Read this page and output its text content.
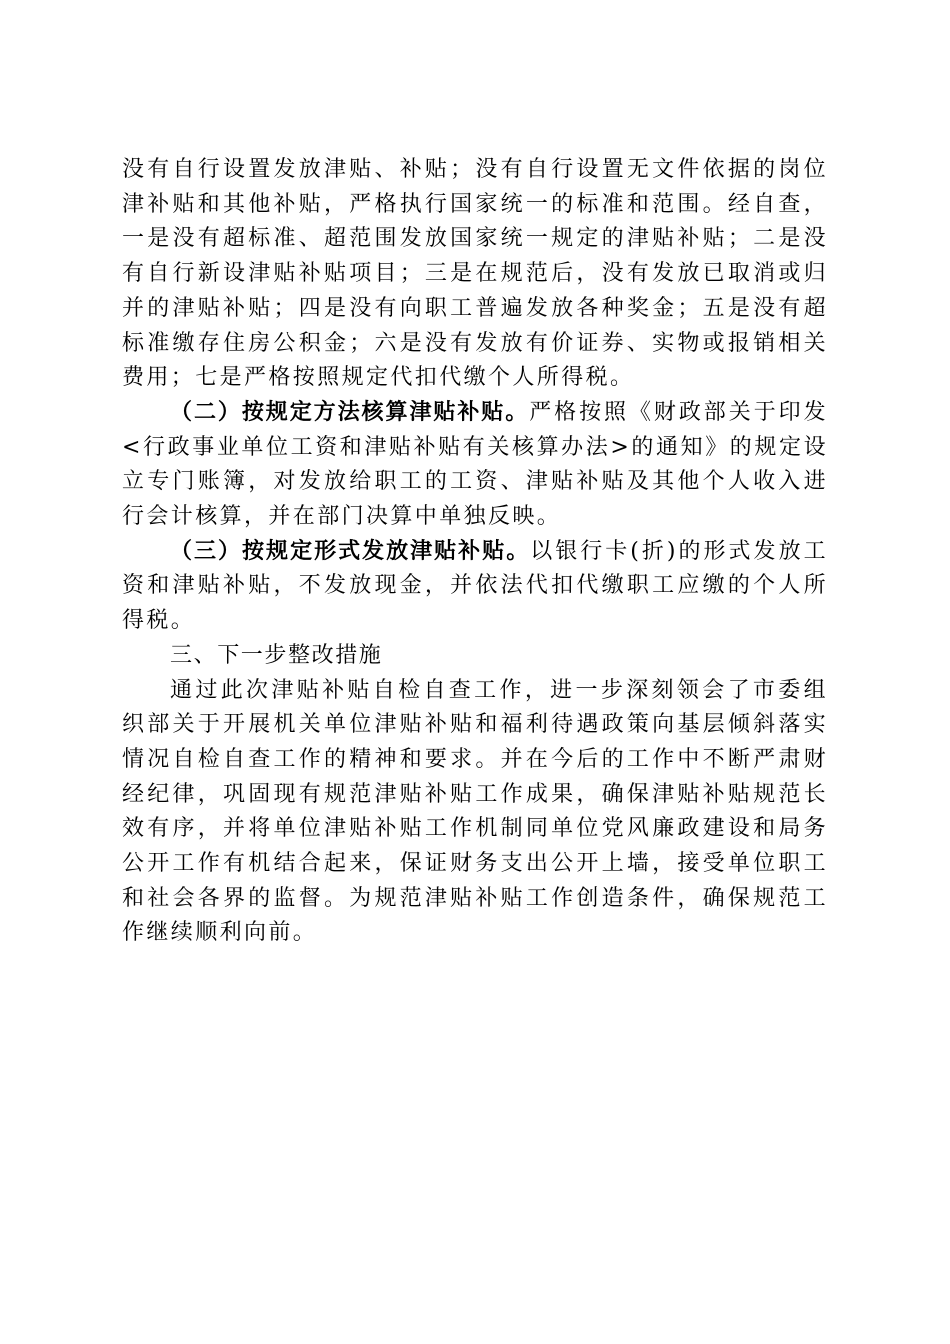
没有自行设置发放津贴、补贴；没有自行设置无文件依据的岗位津补贴和其他补贴，严格执行国家统一的标准和范围。经自查，一是没有超标准、超范围发放国家统一规定的津贴补贴；二是没有自行新设津贴补贴项目；三是在规范后，没有发放已取消或归并的津贴补贴；四是没有向职工普遍发放各种奖金；五是没有超标准缴存住房公积金；六是没有发放有价证券、实物或报销相关费用；七是严格按照规定代扣代缴个人所得税。

（二）按规定方法核算津贴补贴。严格按照《财政部关于印发<行政事业单位工资和津贴补贴有关核算办法>的通知》的规定设立专门账簿，对发放给职工的工资、津贴补贴及其他个人收入进行会计核算，并在部门决算中单独反映。

（三）按规定形式发放津贴补贴。以银行卡(折)的形式发放工资和津贴补贴，不发放现金，并依法代扣代缴职工应缴的个人所得税。

三、下一步整改措施

通过此次津贴补贴自检自查工作，进一步深刻领会了市委组织部关于开展机关单位津贴补贴和福利待遇政策向基层倾斜落实情况自检自查工作的精神和要求。并在今后的工作中不断严肃财经纪律，巩固现有规范津贴补贴工作成果，确保津贴补贴规范长效有序，并将单位津贴补贴工作机制同单位党风廉政建设和局务公开工作有机结合起来，保证财务支出公开上墙，接受单位职工和社会各界的监督。为规范津贴补贴工作创造条件，确保规范工作继续顺利向前。
